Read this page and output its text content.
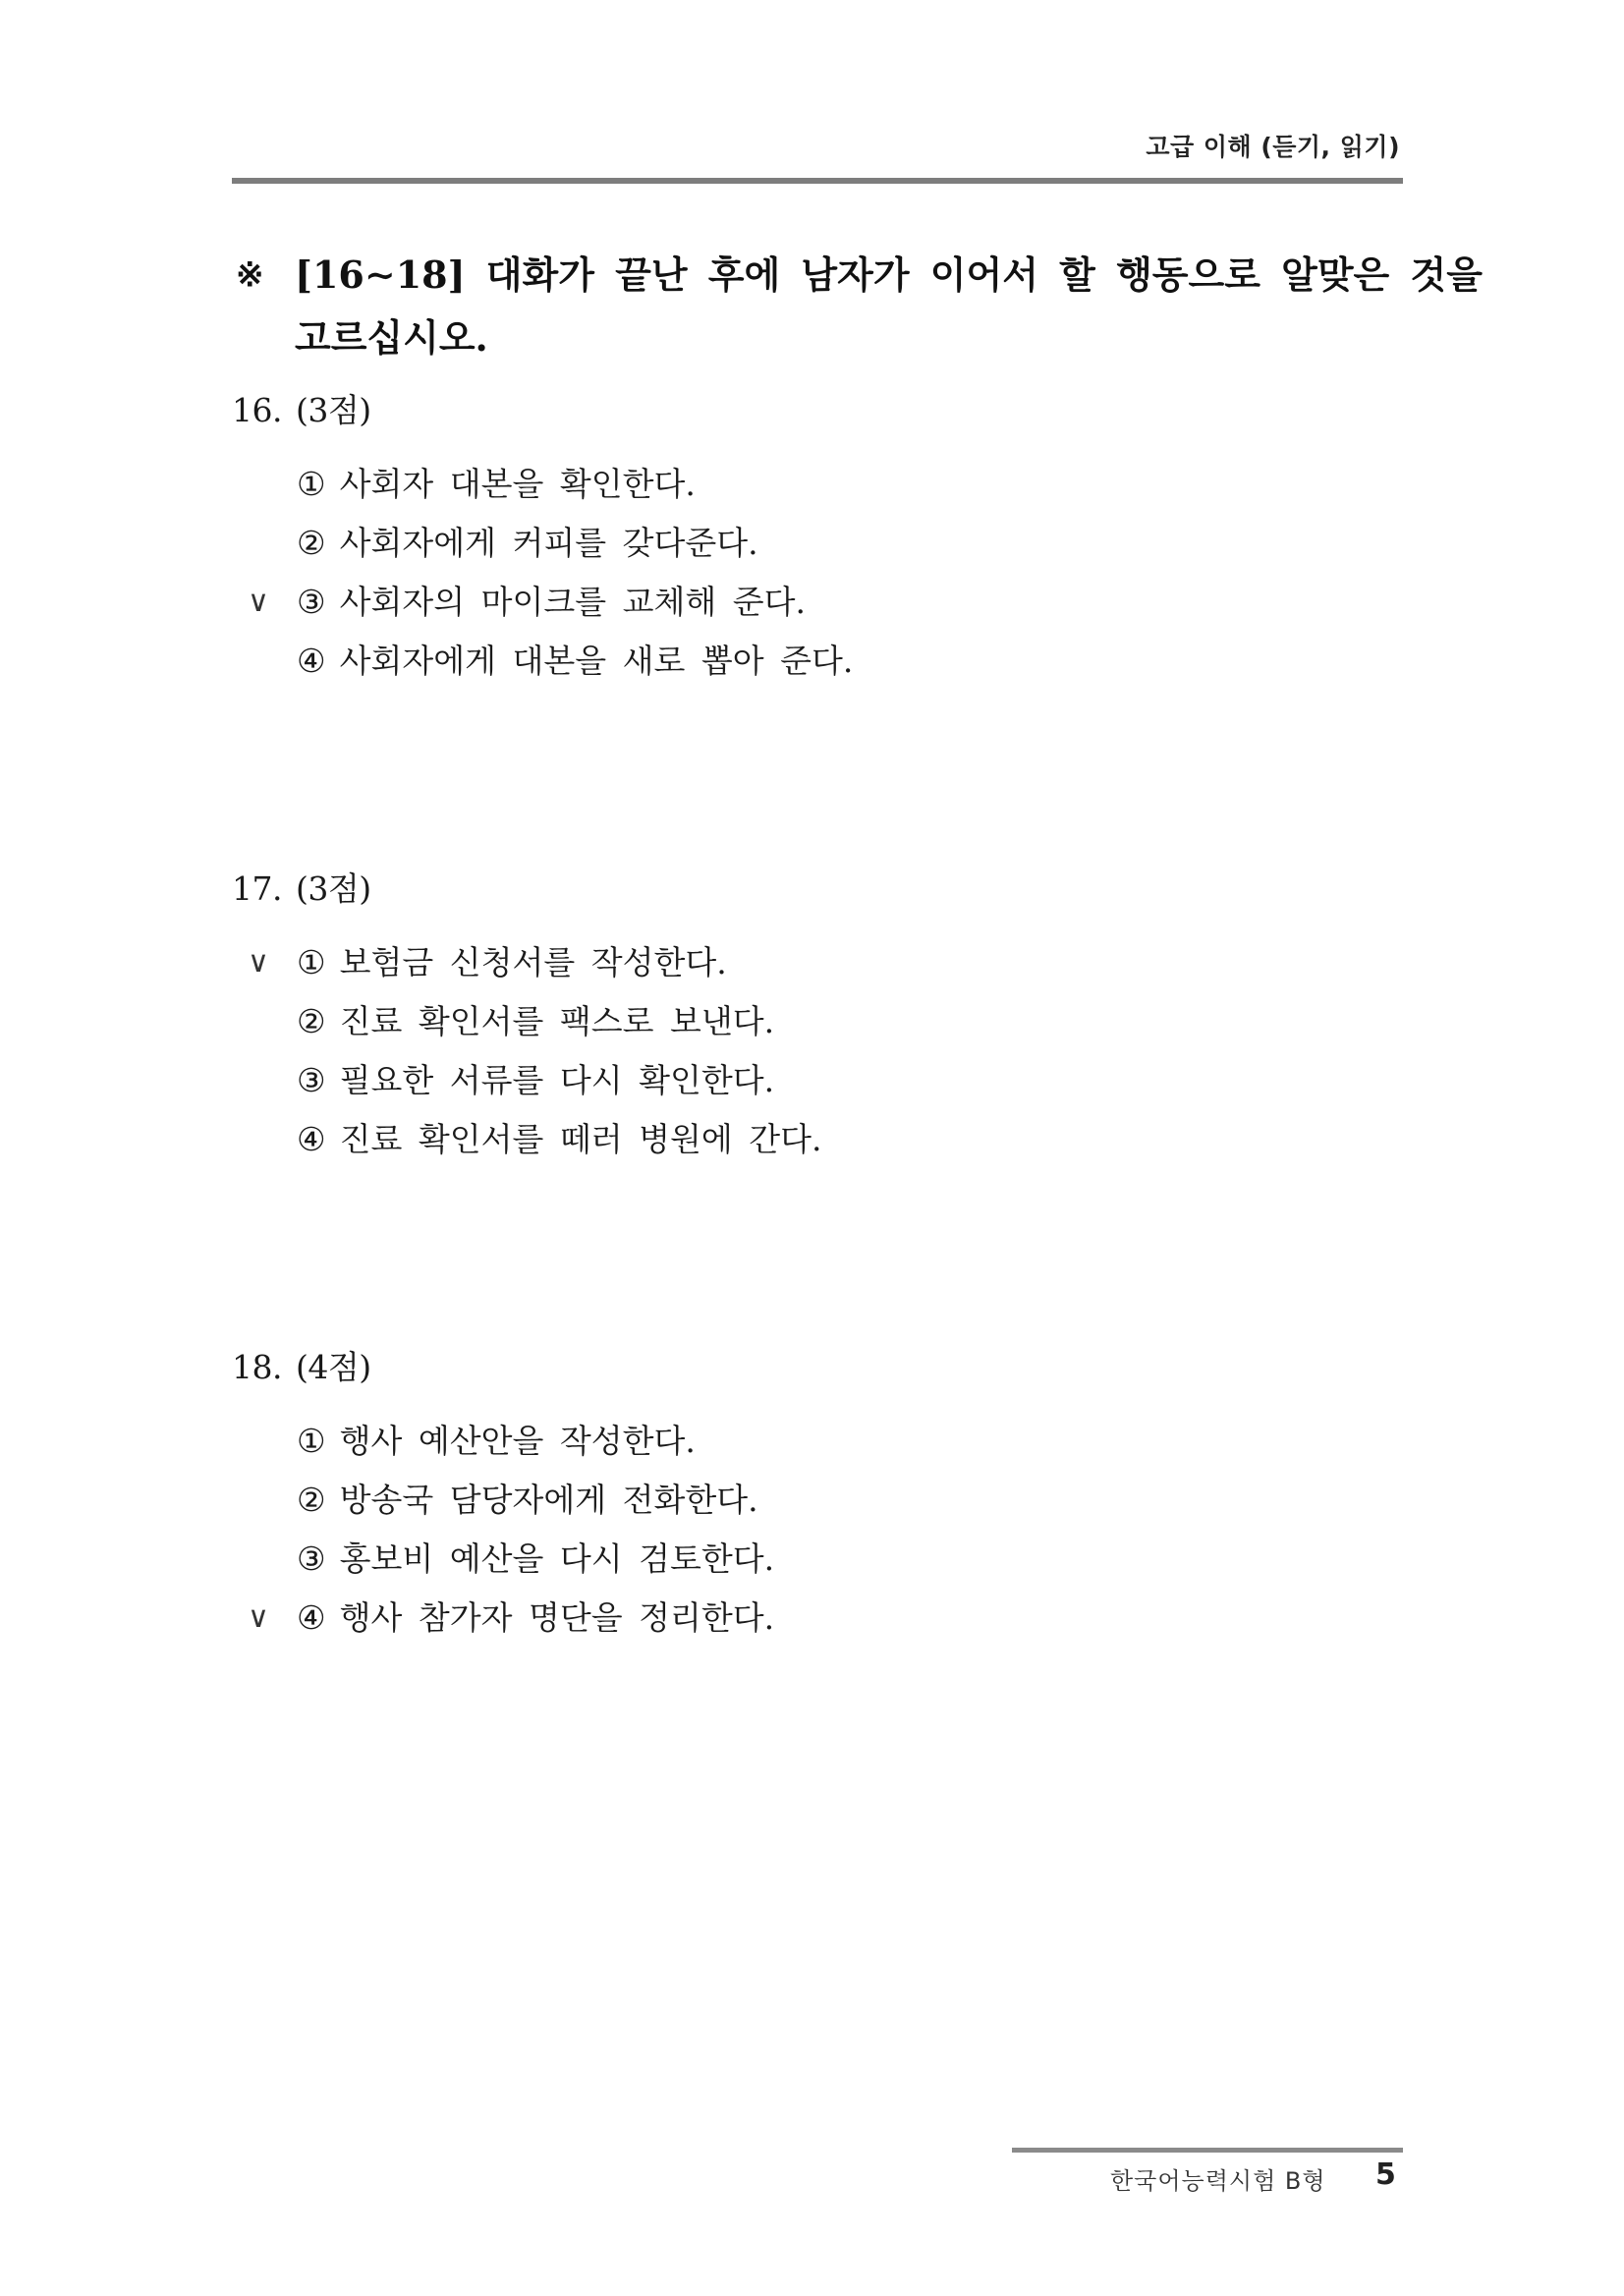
고급 이해 (듣기, 읽기)
※ [16∼18] 대화가 끝난 후에 남자가 이어서 할 행동으로 알맞은 것을
고르십시오.
16. (3점)
① 사회자 대본을 확인한다.
② 사회자에게 커피를 갖다준다.
∨ ③ 사회자의 마이크를 교체해 준다.
④ 사회자에게 대본을 새로 뽑아 준다.
17. (3점)
∨ ① 보험금 신청서를 작성한다.
② 진료 확인서를 팩스로 보낸다.
③ 필요한 서류를 다시 확인한다.
④ 진료 확인서를 떼러 병원에 간다.
18. (4점)
① 행사 예산안을 작성한다.
② 방송국 담당자에게 전화한다.
③ 홍보비 예산을 다시 검토한다.
∨ ④ 행사 참가자 명단을 정리한다.
한국어능력시험 B형 5
